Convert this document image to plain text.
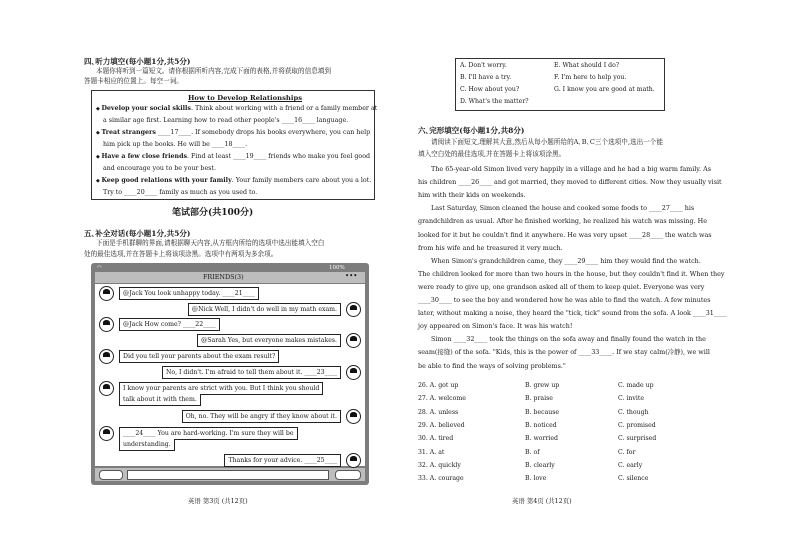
四､听力填空(每小题1分,共5分)
本题你将听到一篇短文。请你根据所听内容,完成下面的表格,并将获取的信息填到
答题卡相应的位置上。每空一词。
How to Develop Relationships
◆ Develop your social skills. Think about working with a friend or a family member at
a similar age first. Learning how to read other people's ____16____ language.
◆ Treat strangers ____17____. If somebody drops his books everywhere, you can help
him pick up the books. He will be ____18____.
◆ Have a few close friends. Find at least ____19____ friends who make you feel good
and encourage you to be your best.
◆ Keep good relations with your family. Your family members care about you a lot.
Try to ____20____ family as much as you used to.
笔试部分(共100分)
五､补全对话(每小题1分,共5分)
下面是手机群聊的界面,请根据聊天内容,从方框内所给的选项中选出能填入空白
处的最佳选项,并在答题卡上将该项涂黑。选项中有两项为多余项。
◠	100%
FRIENDS(3)	•••
@Jack You look unhappy today. ____21____
@Nick Well, I didn't do well in my math exam.
@Jack How come? ____22____
@Sarah Yes, but everyone makes mistakes.
Did you tell your parents about the exam result?
No, I didn't. I'm afraid to tell them about it. ____23____
I know your parents are strict with you. But I think you should
talk about it with them.
Oh, no. They will be angry if they know about it.
____24____ You are hard-working. I'm sure they will be
understanding.
Thanks for your advice. ____25____
英语 第3页 (共12页)
A. Don't worry.	E. What should I do?
B. I'll have a try.	F. I'm here to help you.
C. How about you?	G. I know you are good at math.
D. What's the matter?
六､完形填空(每小题1分,共8分)
请阅读下面短文,理解其大意,然后从每小题所给的A､B､C三个选项中,选出一个能
填入空白处的最佳选项,并在答题卡上将该项涂黑。
The 65-year-old Simon lived very happily in a village and he had a big warm family. As
his children ____26____ and got married, they moved to different cities. Now they usually visit
him with their kids on weekends.
Last Saturday, Simon cleaned the house and cooked some foods to ____27____ his
grandchildren as usual. After he finished working, he realized his watch was missing. He
looked for it but he couldn't find it anywhere. He was very upset ____28____ the watch was
from his wife and he treasured it very much.
When Simon's grandchildren came, they ____29____ him they would find the watch.
The children looked for more than two hours in the house, but they couldn't find it. When they
were ready to give up, one grandson asked all of them to keep quiet. Everyone was very
____30____ to see the boy and wondered how he was able to find the watch. A few minutes
later, without making a noise, they heard the "tick, tick" sound from the sofa. A look ____31____
joy appeared on Simon's face. It was his watch!
Simon ____32____ took the things on the sofa away and finally found the watch in the
seam(接缝) of the sofa. "Kids, this is the power of ____33____. If we stay calm(冷静), we will
be able to find the ways of solving problems."
26. A. got up	B. grew up	C. made up
27. A. welcome	B. praise	C. invite
28. A. unless	B. because	C. though
29. A. believed	B. noticed	C. promised
30. A. tired	B. worried	C. surprised
31. A. at	B. of	C. for
32. A. quickly	B. clearly	C. early
33. A. courage	B. love	C. silence
英语 第4页 (共12页)
